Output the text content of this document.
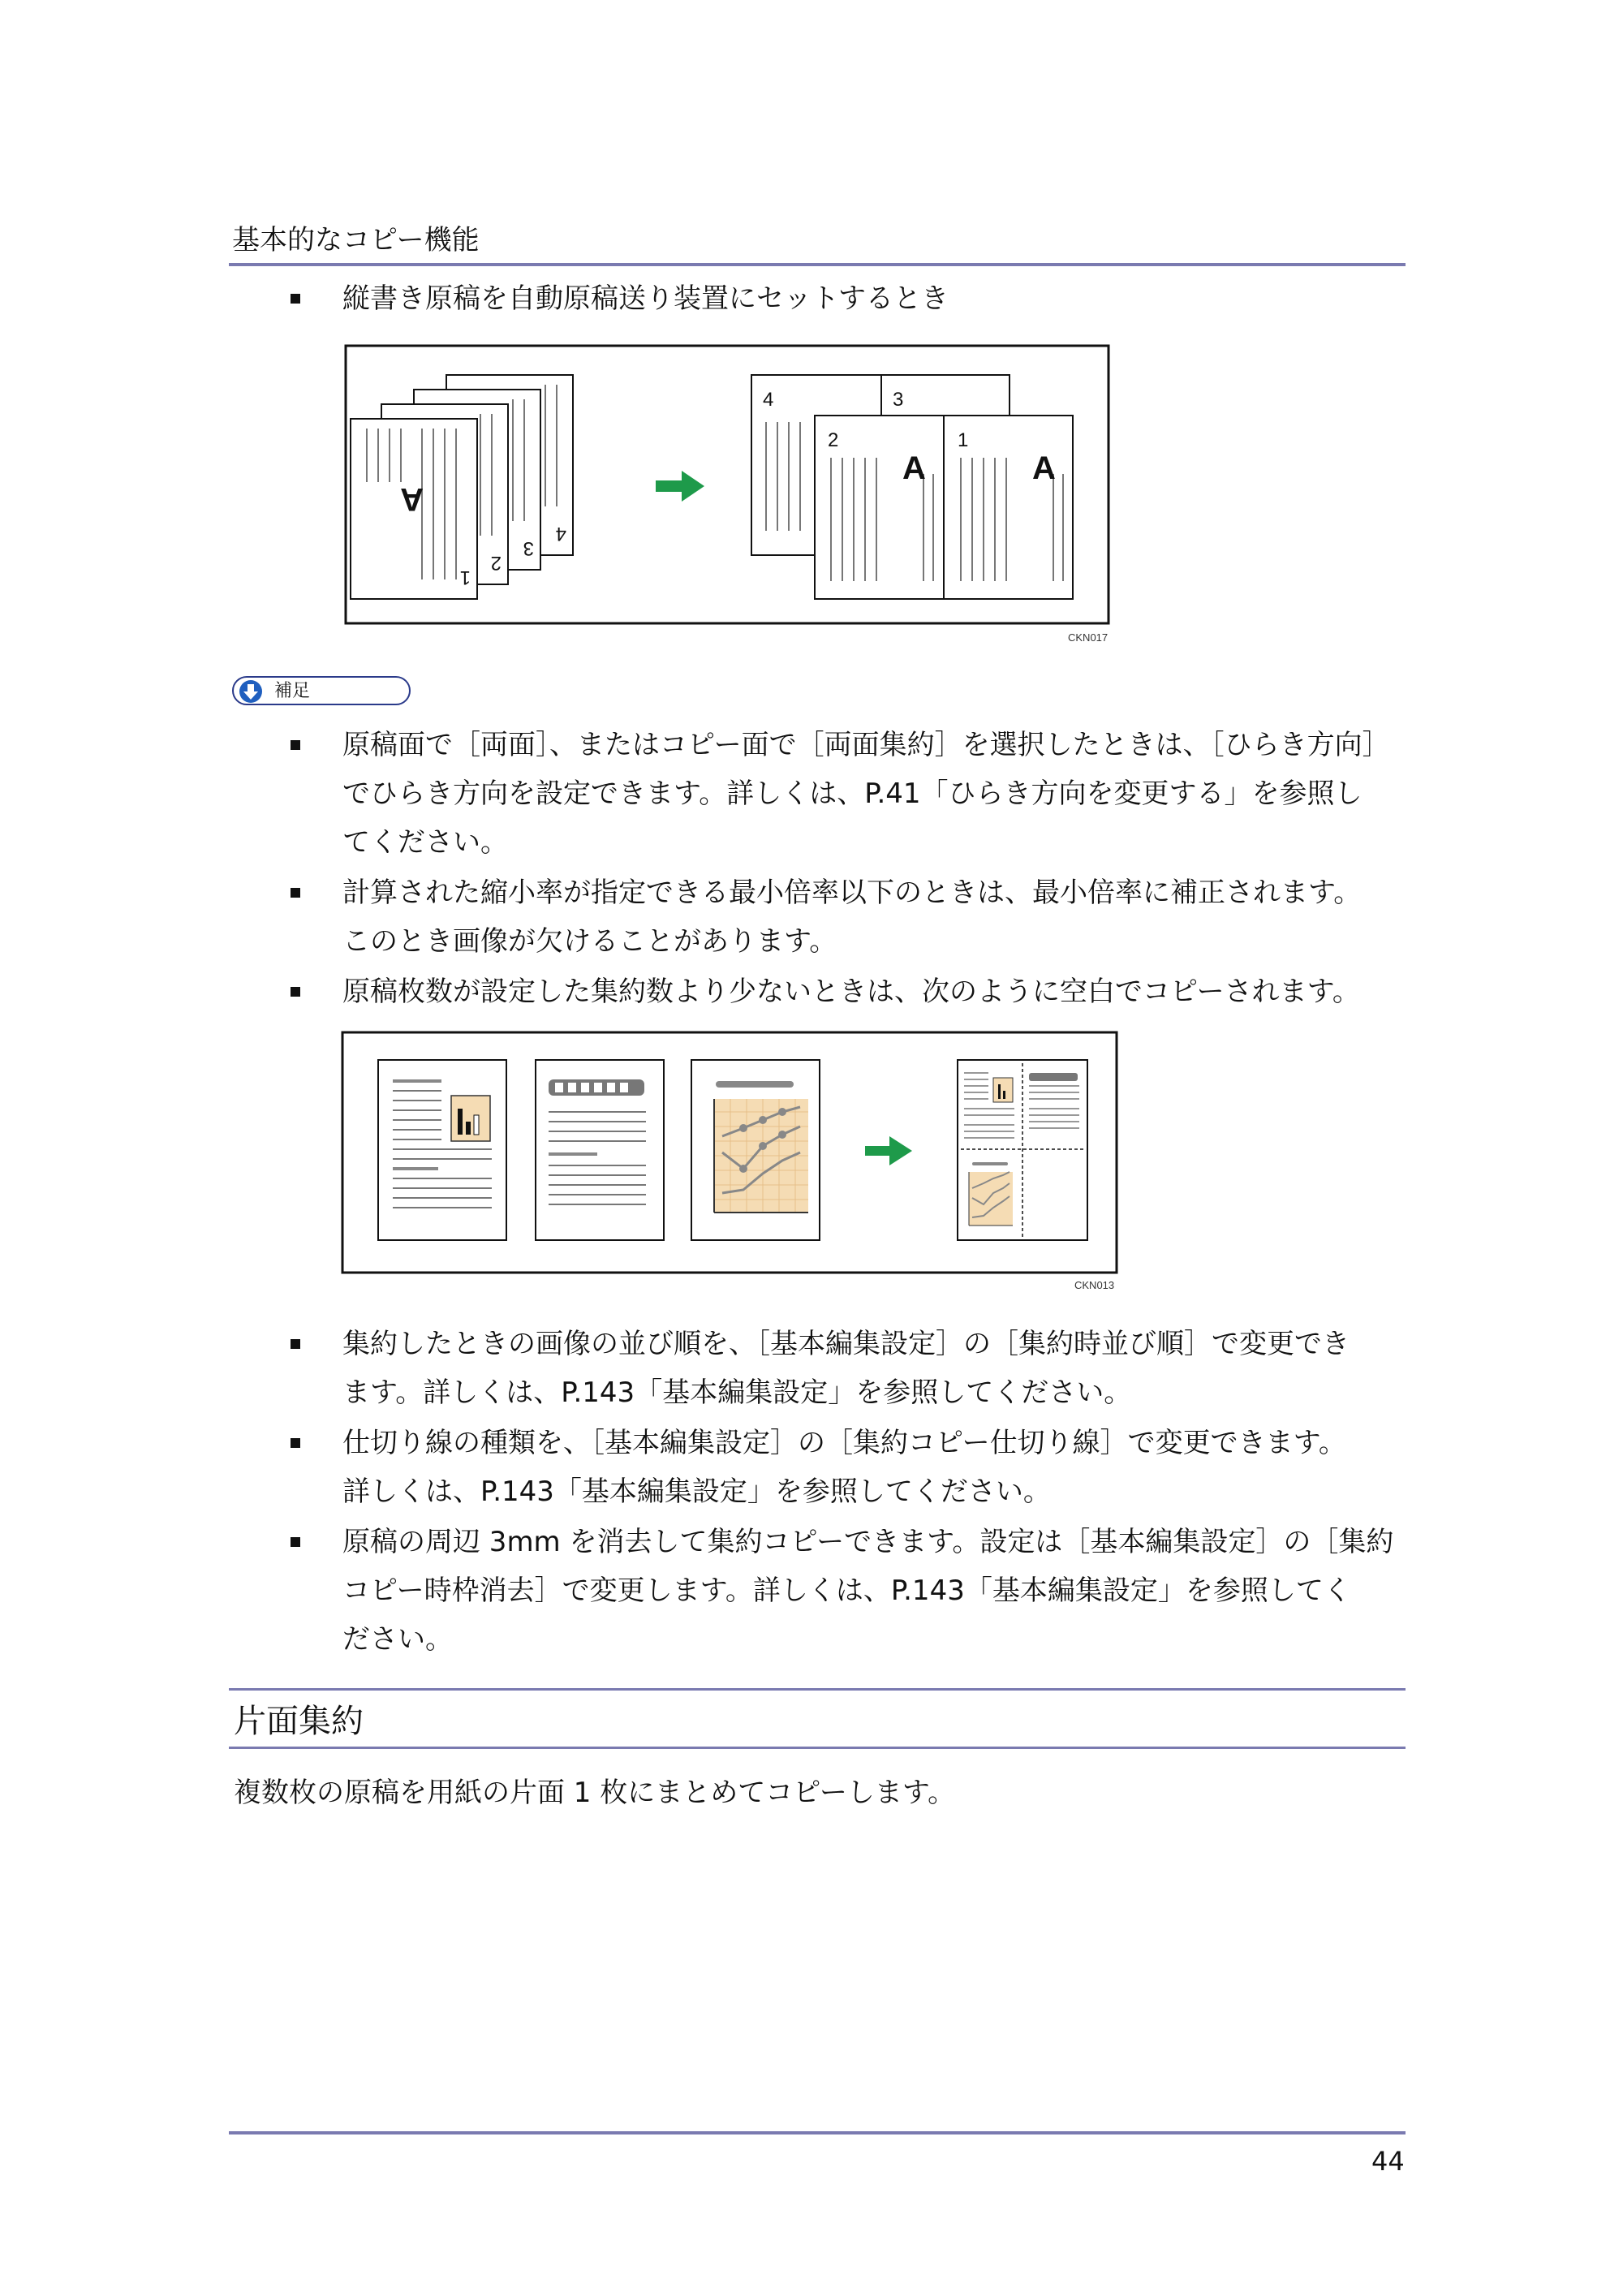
基本的なコピー機能
縦書き原稿を自動原稿送り装置にセットするとき
4
3
2
1
A
4	3
2	1
A	A
CKN017
補足
原稿面で［両面］、またはコピー面で［両面集約］を選択したときは、［ひらき方向］
でひらき方向を設定できます。詳しくは、P.41「ひらき方向を変更する」を参照し
てください。
計算された縮小率が指定できる最小倍率以下のときは、最小倍率に補正されます。
このとき画像が欠けることがあります。
原稿枚数が設定した集約数より少ないときは、次のように空白でコピーされます。
CKN013
集約したときの画像の並び順を、［基本編集設定］の［集約時並び順］で変更でき
ます。詳しくは、P.143「基本編集設定」を参照してください。
仕切り線の種類を、［基本編集設定］の［集約コピー仕切り線］で変更できます。
詳しくは、P.143「基本編集設定」を参照してください。
原稿の周辺 3mm を消去して集約コピーできます。設定は［基本編集設定］の［集約
コピー時枠消去］で変更します。詳しくは、P.143「基本編集設定」を参照してく
ださい。
片面集約
複数枚の原稿を用紙の片面 1 枚にまとめてコピーします。
44
